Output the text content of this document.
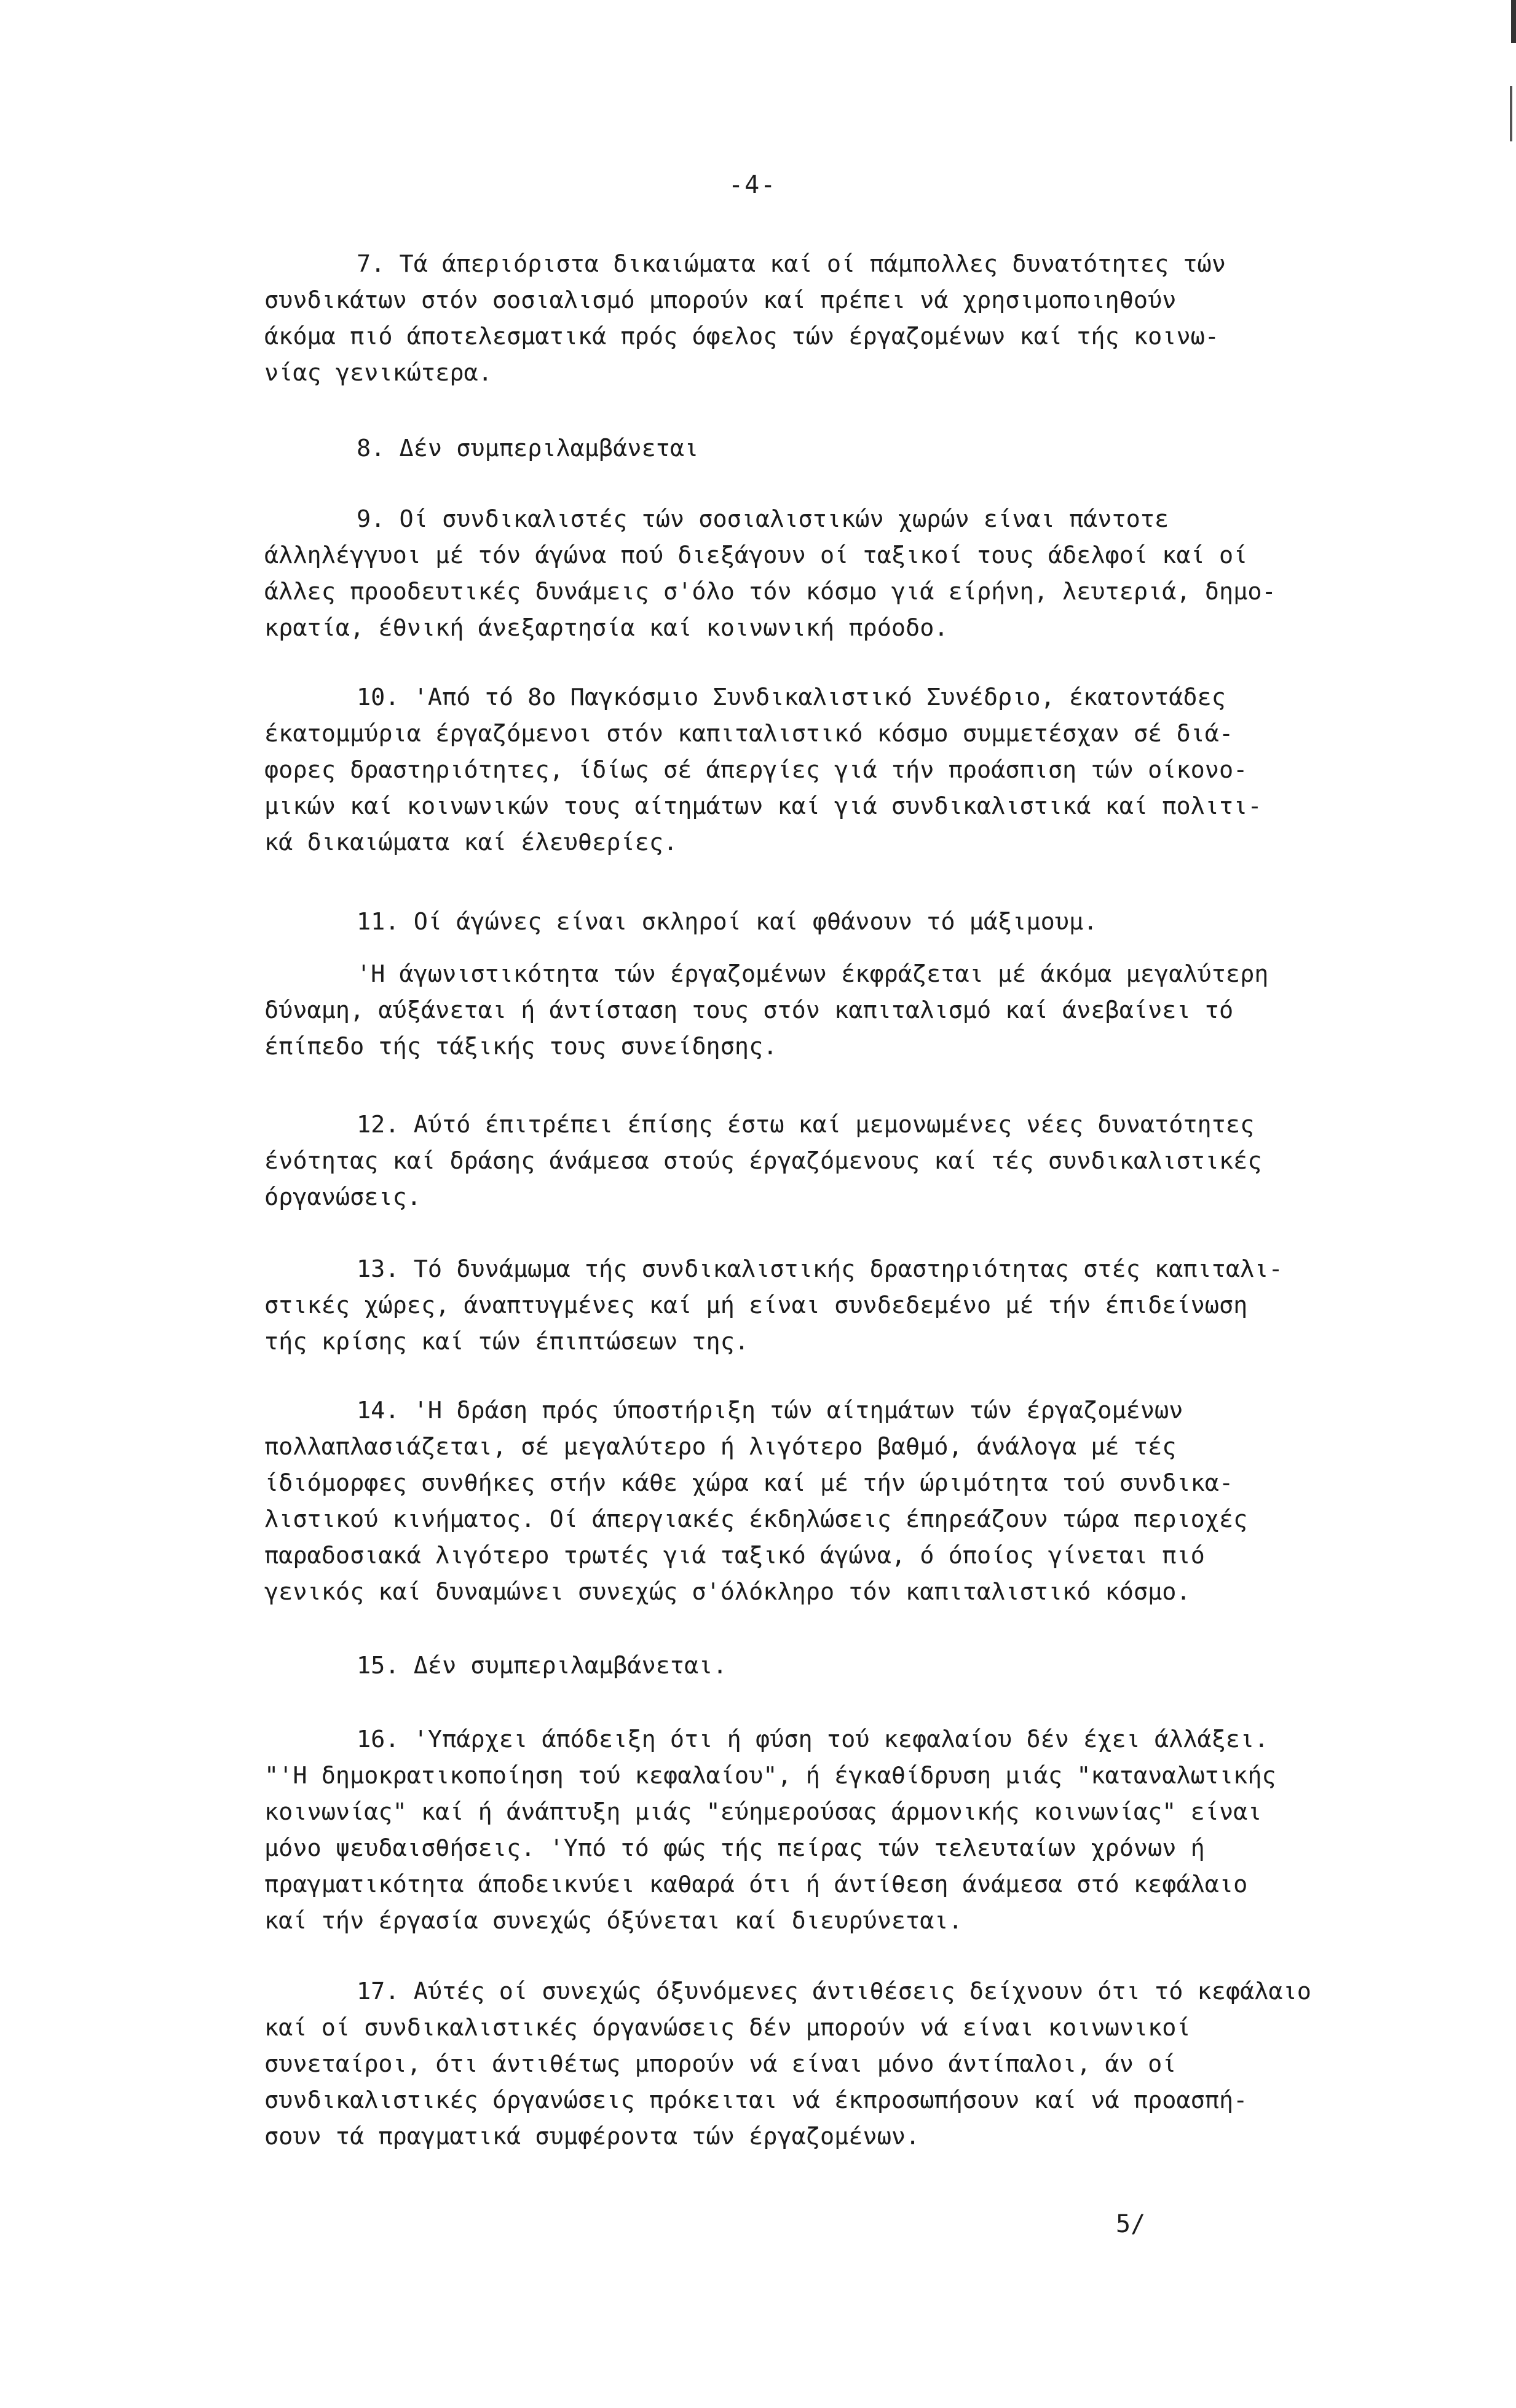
-4-

7. Τά άπεριόριστα δικαιώματα καί οί πάμπολλες δυνατότητες τών
συνδικάτων στόν σοσιαλισμό μπορούν καί πρέπει νά χρησιμοποιηθούν
άκόμα πιό άποτελεσματικά πρός όφελος τών έργαζομένων καί τής κοινω-
νίας γενικώτερα.

8. Δέν συμπεριλαμβάνεται

9. Οί συνδικαλιστές τών σοσιαλιστικών χωρών είναι πάντοτε
άλληλέγγυοι μέ τόν άγώνα πού διεξάγουν οί ταξικοί τους άδελφοί καί οί
άλλες προοδευτικές δυνάμεις σ'όλο τόν κόσμο γιά είρήνη, λευτεριά, δημο-
κρατία, έθνική άνεξαρτησία καί κοινωνική πρόοδο.

10. 'Από τό 8ο Παγκόσμιο Συνδικαλιστικό Συνέδριο, έκατοντάδες
έκατομμύρια έργαζόμενοι στόν καπιταλιστικό κόσμο συμμετέσχαν σέ διά-
φορες δραστηριότητες, ίδίως σέ άπεργίες γιά τήν προάσπιση τών οίκονο-
μικών καί κοινωνικών τους αίτημάτων καί γιά συνδικαλιστικά καί πολιτι-
κά δικαιώματα καί έλευθερίες.

11. Οί άγώνες είναι σκληροί καί φθάνουν τό μάξιμουμ.

'Η άγωνιστικότητα τών έργαζομένων έκφράζεται μέ άκόμα μεγαλύτερη
δύναμη, αύξάνεται ή άντίσταση τους στόν καπιταλισμό καί άνεβαίνει τό
έπίπεδο τής τάξικής τους συνείδησης.

12. Αύτό έπιτρέπει έπίσης έστω καί μεμονωμένες νέες δυνατότητες
ένότητας καί δράσης άνάμεσα στούς έργαζόμενους καί τές συνδικαλιστικές
όργανώσεις.

13. Τό δυνάμωμα τής συνδικαλιστικής δραστηριότητας στές καπιταλι-
στικές χώρες, άναπτυγμένες καί μή είναι συνδεδεμένο μέ τήν έπιδείνωση
τής κρίσης καί τών έπιπτώσεων της.

14. 'Η δράση πρός ύποστήριξη τών αίτημάτων τών έργαζομένων
πολλαπλασιάζεται, σέ μεγαλύτερο ή λιγότερο βαθμό, άνάλογα μέ τές
ίδιόμορφες συνθήκες στήν κάθε χώρα καί μέ τήν ώριμότητα τού συνδικα-
λιστικού κινήματος. Οί άπεργιακές έκδηλώσεις έπηρεάζουν τώρα περιοχές
παραδοσιακά λιγότερο τρωτές γιά ταξικό άγώνα, ό όποίος γίνεται πιό
γενικός καί δυναμώνει συνεχώς σ'όλόκληρο τόν καπιταλιστικό κόσμο.

15. Δέν συμπεριλαμβάνεται.

16. 'Υπάρχει άπόδειξη ότι ή φύση τού κεφαλαίου δέν έχει άλλάξει.
"'Η δημοκρατικοποίηση τού κεφαλαίου", ή έγκαθίδρυση μιάς "καταναλωτικής
κοινωνίας" καί ή άνάπτυξη μιάς "εύημερούσας άρμονικής κοινωνίας" είναι
μόνο ψευδαισθήσεις. 'Υπό τό φώς τής πείρας τών τελευταίων χρόνων ή
πραγματικότητα άποδεικνύει καθαρά ότι ή άντίθεση άνάμεσα στό κεφάλαιο
καί τήν έργασία συνεχώς όξύνεται καί διευρύνεται.

17. Αύτές οί συνεχώς όξυνόμενες άντιθέσεις δείχνουν ότι τό κεφάλαιο
καί οί συνδικαλιστικές όργανώσεις δέν μπορούν νά είναι κοινωνικοί
συνεταίροι, ότι άντιθέτως μπορούν νά είναι μόνο άντίπαλοι, άν οί
συνδικαλιστικές όργανώσεις πρόκειται νά έκπροσωπήσουν καί νά προασπή-
σουν τά πραγματικά συμφέροντα τών έργαζομένων.

5/
